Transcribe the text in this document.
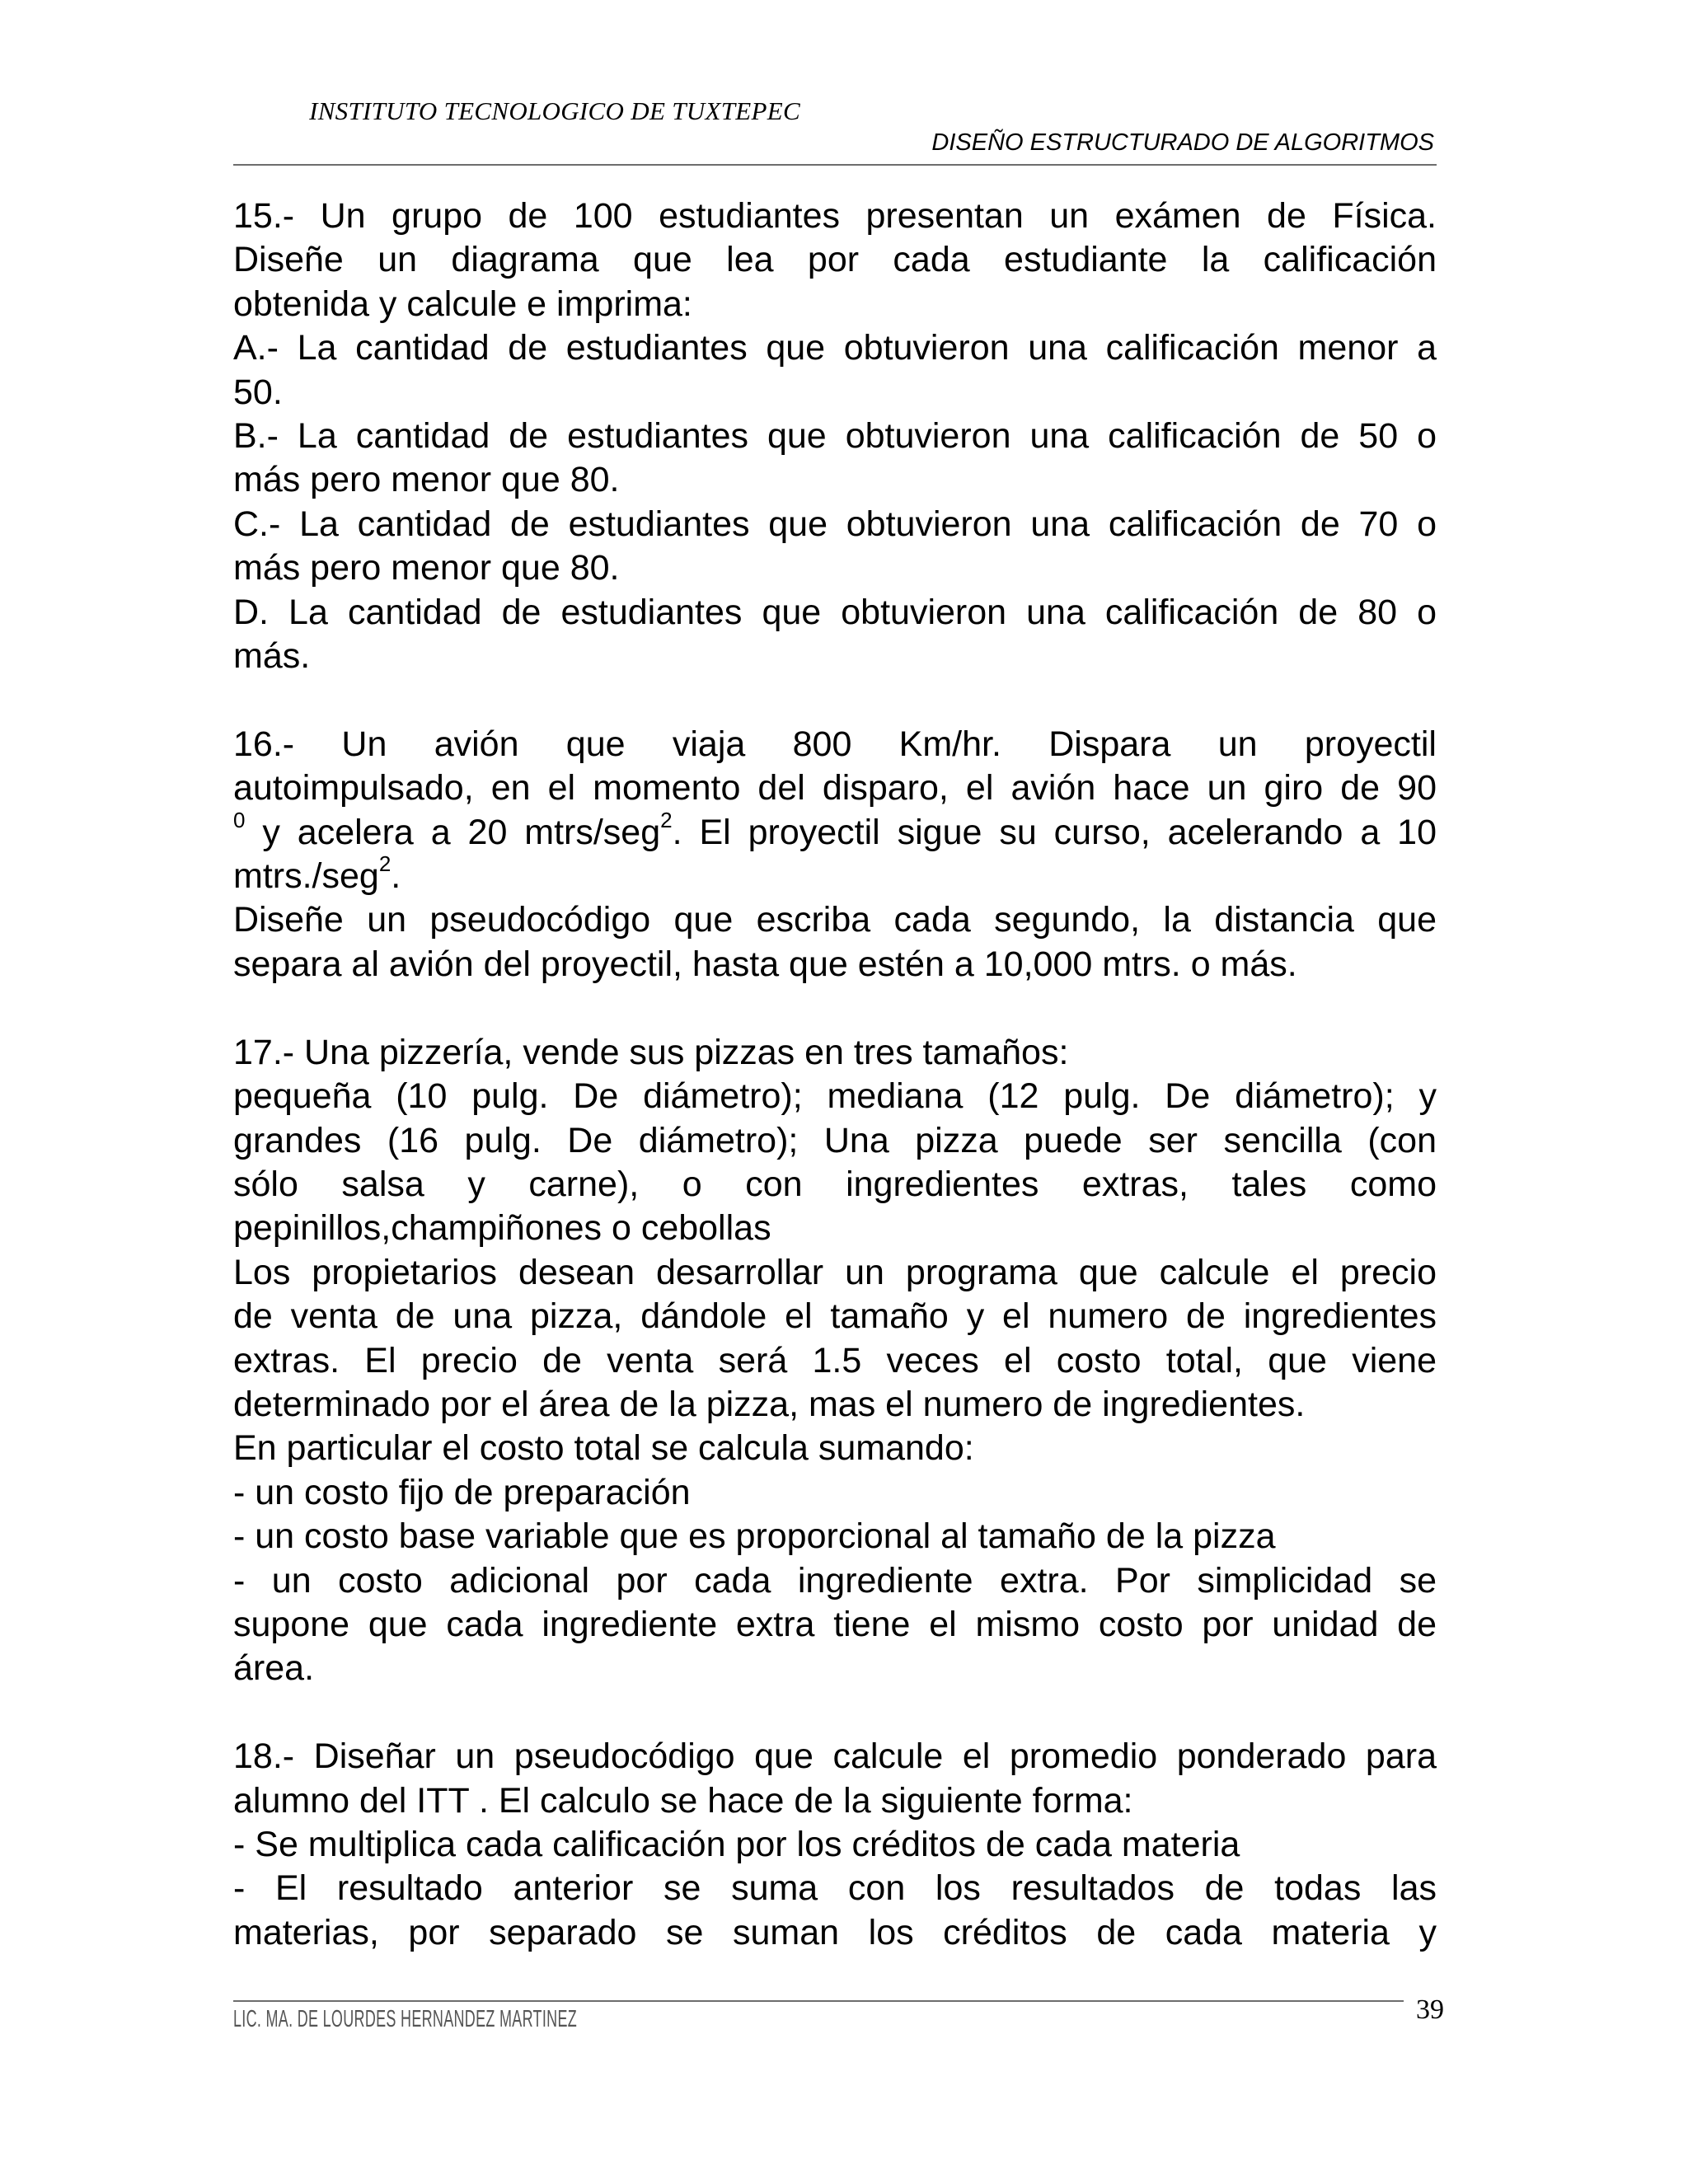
INSTITUTO TECNOLOGICO DE TUXTEPEC
DISEÑO ESTRUCTURADO DE ALGORITMOS

15.- Un grupo de 100 estudiantes presentan un exámen de Física.

Diseñe un diagrama que lea por cada estudiante la calificación

obtenida y calcule e imprima:

A.- La cantidad de estudiantes que obtuvieron una calificación menor a

50.

B.- La cantidad de estudiantes que obtuvieron una calificación de 50 o

más pero menor que 80.

C.- La cantidad de estudiantes que obtuvieron una calificación de 70 o

más pero menor que 80.

D. La cantidad de estudiantes que obtuvieron una calificación de 80 o

más.

16.- Un avión que viaja 800 Km/hr. Dispara un proyectil

autoimpulsado, en el momento del disparo, el avión hace un giro de 90

$^0$ y acelera a 20 mtrs/seg$^2$. El proyectil sigue su curso, acelerando a 10

mtrs./seg$^2$.

Diseñe un pseudocódigo que escriba cada segundo, la distancia que

separa al avión del proyectil, hasta que estén a 10,000 mtrs. o más.

17.- Una pizzería, vende sus pizzas en tres tamaños:

pequeña (10 pulg. De diámetro); mediana (12 pulg. De diámetro); y

grandes (16 pulg. De diámetro); Una pizza puede ser sencilla (con

sólo salsa y carne), o con ingredientes extras, tales como

pepinillos,champiñones o cebollas

Los propietarios desean desarrollar un programa que calcule el precio

de venta de una pizza, dándole el tamaño y el numero de ingredientes

extras. El precio de venta será 1.5 veces el costo total, que viene

determinado por el área de la pizza, mas el numero de ingredientes.

En particular el costo total se calcula sumando:

- un costo fijo de preparación

- un costo base variable que es proporcional al tamaño de la pizza

- un costo adicional por cada ingrediente extra. Por simplicidad se

supone que cada ingrediente extra tiene el mismo costo por unidad de

área.

18.- Diseñar un pseudocódigo que calcule el promedio ponderado para

alumno del ITT . El calculo se hace de la siguiente forma:

- Se multiplica cada calificación por los créditos de cada materia

- El resultado anterior se suma con los resultados de todas las

materias, por separado se suman los créditos de cada materia y

LIC. MA. DE LOURDES HERNANDEZ MARTINEZ	39
